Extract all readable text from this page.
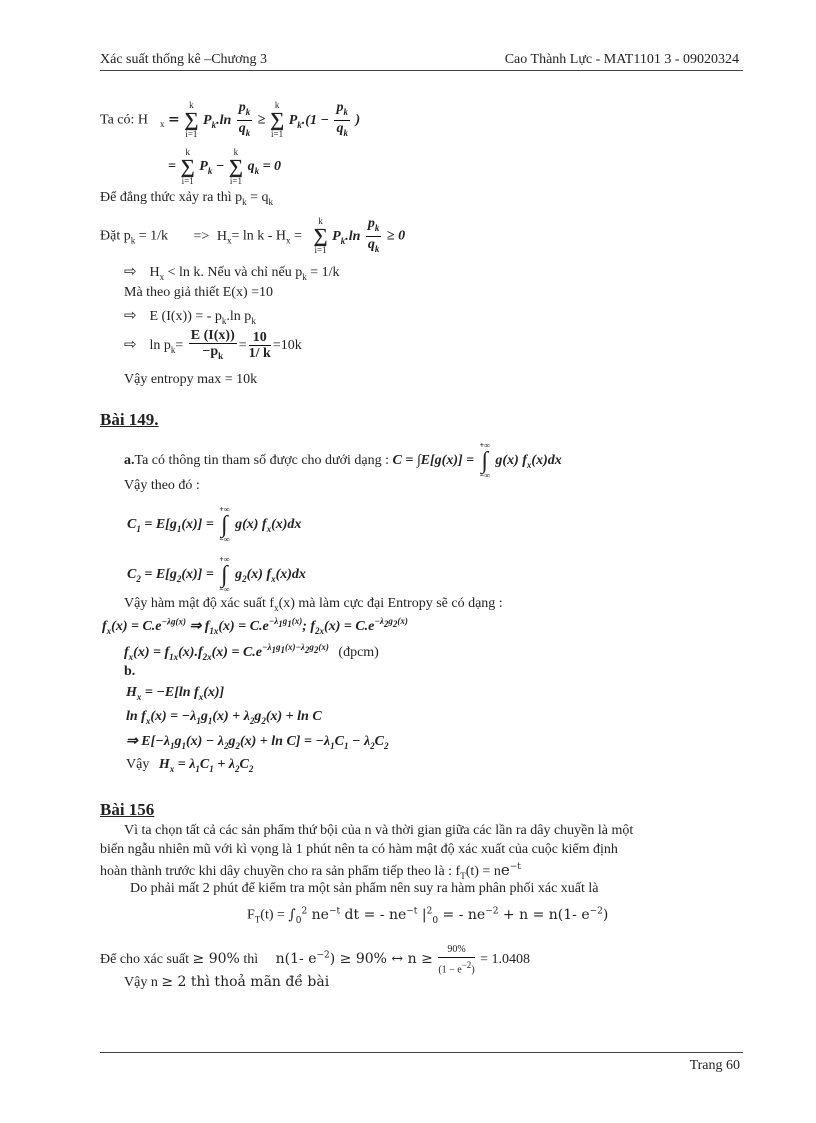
Xác suất thống kê –Chương 3	Cao Thành Lực - MAT1101 3 - 09020324
Ta có: H $_x$ = k
∑
i=1 $P_k.\ln \frac{p_k}{q_k} \ge k$
∑
i=1 $P_k.(1 - \frac{p_k}{q_k}$ )
= k
∑
i=1 $P_k - k$
∑
i=1 $q_k = 0$
Để đẳng thức xảy ra thì $p_k = q_k$
Đặt $p_k = 1/k => H_x= \ln k - H_x = k$
∑
i=1 $P_k.\ln \frac{p_k}{q_k} \ge 0$
⇨ $H_x < \ln k$. Nếu và chỉ nếu $p_k = 1/k$
Mà theo giả thiết E(x) =10
⇨ E (I(x)) = - $p_k.\ln$ $p_k$
⇨ $\ln p_k= \frac{E (I(x))}{-p_k} = \frac{10}{1/ k} =10k$
Vậy entropy max = 10k
Bài 149.
a.Ta có thông tin tham số được cho dưới dạng : C = ∫E[g(x)] = +∞
∫
−∞ g(x) $f_x(x)dx$
Vậy theo đó :
$C_1 = E[g_1(x)]$ = +∞
∫
−∞ g(x) $f_x(x)dx$
$C_2 = E[g_2(x)]$ = +∞
∫
−∞ $g_2(x)$ $f_x(x)dx$
Vậy hàm mật độ xác suất $f_x(x)$ mà làm cực đại Entropy sẽ có dạng :
$f_x(x) = C.e^{-\lambda g(x)}$ ⇒ $f_{1x}(x) = C.e^{-\lambda_1g_1(x)}$; $f_{2x}(x) = C.e^{-\lambda_2g_2(x)}$
$f_x(x) = f_{1x}(x).f_{2x}(x) = C.e^{-\lambda_1g_1(x)-\lambda_2g_2(x)}$ (đpcm)
b.
$H_x = -E[\ln$ $f_x(x)$]
$\ln f_x(x) = -\lambda_1g_1(x) + \lambda_2g_2(x) + \ln C$
⇒ $E[-\lambda_1g_1(x) - \lambda_2g_2(x) + \ln C] = -\lambda_1C_1 - \lambda_2C_2$
Vậy $H_x = \lambda_1C_1 + \lambda_2C_2$
Bài 156
Vì ta chọn tất cả các sản phẩm thứ bội của n và thời gian giữa các lần ra dây chuyền là một
biến ngẫu nhiên mũ với kì vọng là 1 phút nên ta có hàm mật độ xác xuất của cuộc kiểm định
hoàn thành trước khi dây chuyền cho ra sản phẩm tiếp theo là : $f_T(t) = ne^{-t}$
Do phải mất 2 phút để kiểm tra một sản phẩm nên suy ra hàm phân phối xác xuất là
$F_T(t) = \int_0^2$ $ne^{-t}$ dt = - $ne^{-t}$ $|^2_0$ = - $ne^{-2} + n = n(1-$ $e^{-2}$)
Để cho xác suất ≥ 90% thì n(1- $e^{-2}) \ge 90\%$ ↔ $n \ge \frac{90\%}{(1 - e^{-2})} = 1.0408$
Vậy n ≥ 2 thì thoả mãn đề bài
Trang 60
